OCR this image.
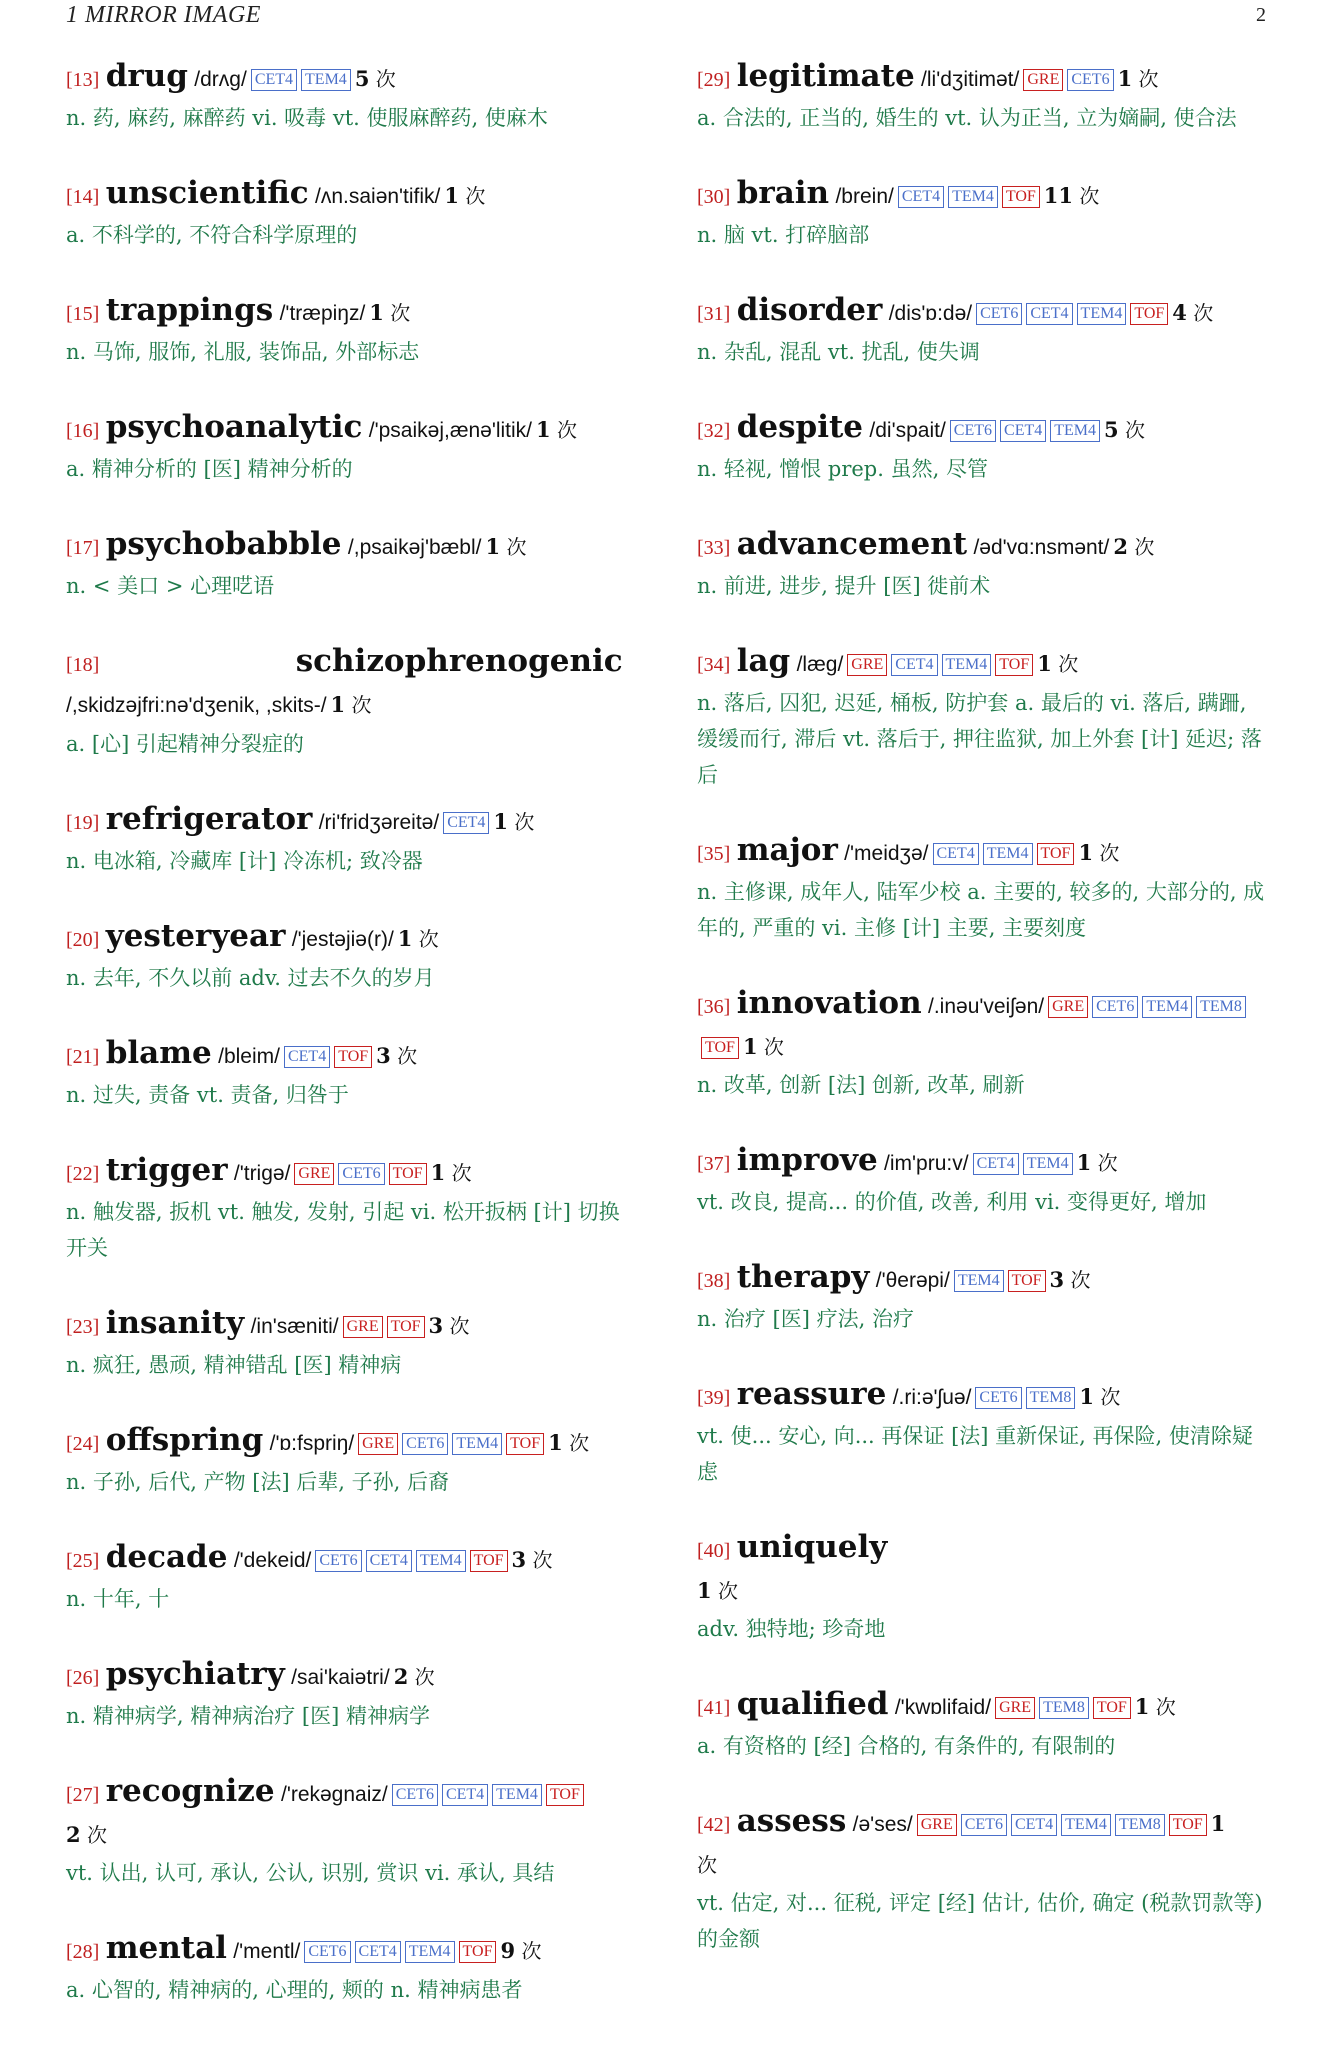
1 MIRROR IMAGE	2
[13] drug /drʌg/ CET4 TEM4 5 次
n. 药, 麻药, 麻醉药 vi. 吸毒 vt. 使服麻醉药, 使麻木
[14] unscientific /ʌn.saiən'tifik/ 1 次
a. 不科学的, 不符合科学原理的
[15] trappings /'træpiŋz/ 1 次
n. 马饰, 服饰, 礼服, 装饰品, 外部标志
[16] psychoanalytic /'psaikəj,ænə'litik/ 1 次
a. 精神分析的 [医] 精神分析的
[17] psychobabble /,psaikəj'bæbl/ 1 次
n. < 美口 > 心理呓语
[18]	schizophrenogenic
/,skidzəjfri:nə'dʒenik, ,skits-/ 1 次
a. [心] 引起精神分裂症的
[19] refrigerator /ri'fridʒəreitə/ CET4 1 次
n. 电冰箱, 冷藏库 [计] 冷冻机; 致冷器
[20] yesteryear /'jestəjiə(r)/ 1 次
n. 去年, 不久以前 adv. 过去不久的岁月
[21] blame /bleim/ CET4 TOF 3 次
n. 过失, 责备 vt. 责备, 归咎于
[22] trigger /'trigə/ GRE CET6 TOF 1 次
n. 触发器, 扳机 vt. 触发, 发射, 引起 vi. 松开扳柄 [计] 切换开关
[23] insanity /in'sæniti/ GRE TOF 3 次
n. 疯狂, 愚顽, 精神错乱 [医] 精神病
[24] offspring /'ɒ:fspriŋ/ GRE CET6 TEM4 TOF 1 次
n. 子孙, 后代, 产物 [法] 后辈, 子孙, 后裔
[25] decade /'dekeid/ CET6 CET4 TEM4 TOF 3 次
n. 十年, 十
[26] psychiatry /sai'kaiətri/ 2 次
n. 精神病学, 精神病治疗 [医] 精神病学
[27] recognize /'rekəgnaiz/ CET6 CET4 TEM4 TOF
2 次
vt. 认出, 认可, 承认, 公认, 识别, 赏识 vi. 承认, 具结
[28] mental /'mentl/ CET6 CET4 TEM4 TOF 9 次
a. 心智的, 精神病的, 心理的, 颊的 n. 精神病患者
[29] legitimate /li'dʒitimət/ GRE CET6 1 次
a. 合法的, 正当的, 婚生的 vt. 认为正当, 立为嫡嗣, 使合法
[30] brain /brein/ CET4 TEM4 TOF 11 次
n. 脑 vt. 打碎脑部
[31] disorder /dis'ɒ:də/ CET6 CET4 TEM4 TOF 4 次
n. 杂乱, 混乱 vt. 扰乱, 使失调
[32] despite /di'spait/ CET6 CET4 TEM4 5 次
n. 轻视, 憎恨 prep. 虽然, 尽管
[33] advancement /əd'vɑ:nsmənt/ 2 次
n. 前进, 进步, 提升 [医] 徙前术
[34] lag /læg/ GRE CET4 TEM4 TOF 1 次
n. 落后, 囚犯, 迟延, 桶板, 防护套 a. 最后的 vi. 落后, 蹒跚, 缓缓而行, 滞后 vt. 落后于, 押往监狱, 加上外套 [计] 延迟; 落后
[35] major /'meidʒə/ CET4 TEM4 TOF 1 次
n. 主修课, 成年人, 陆军少校 a. 主要的, 较多的, 大部分的, 成年的, 严重的 vi. 主修 [计] 主要, 主要刻度
[36] innovation /.inəu'veiʃən/ GRE CET6 TEM4 TEM8TOF 1 次
n. 改革, 创新 [法] 创新, 改革, 刷新
[37] improve /im'pru:v/ CET4 TEM4 1 次
vt. 改良, 提高... 的价值, 改善, 利用 vi. 变得更好, 增加
[38] therapy /'θerəpi/ TEM4 TOF 3 次
n. 治疗 [医] 疗法, 治疗
[39] reassure /.ri:ə'ʃuə/ CET6 TEM8 1 次
vt. 使... 安心, 向... 再保证 [法] 重新保证, 再保险, 使清除疑虑
[40] uniquely
1 次
adv. 独特地; 珍奇地
[41] qualified /'kwɒlifaid/ GRE TEM8 TOF 1 次
a. 有资格的 [经] 合格的, 有条件的, 有限制的
[42] assess /ə'ses/ GRE CET6 CET4 TEM4 TEM8 TOF 1
次
vt. 估定, 对... 征税, 评定 [经] 估计, 估价, 确定 (税款罚款等) 的金额
